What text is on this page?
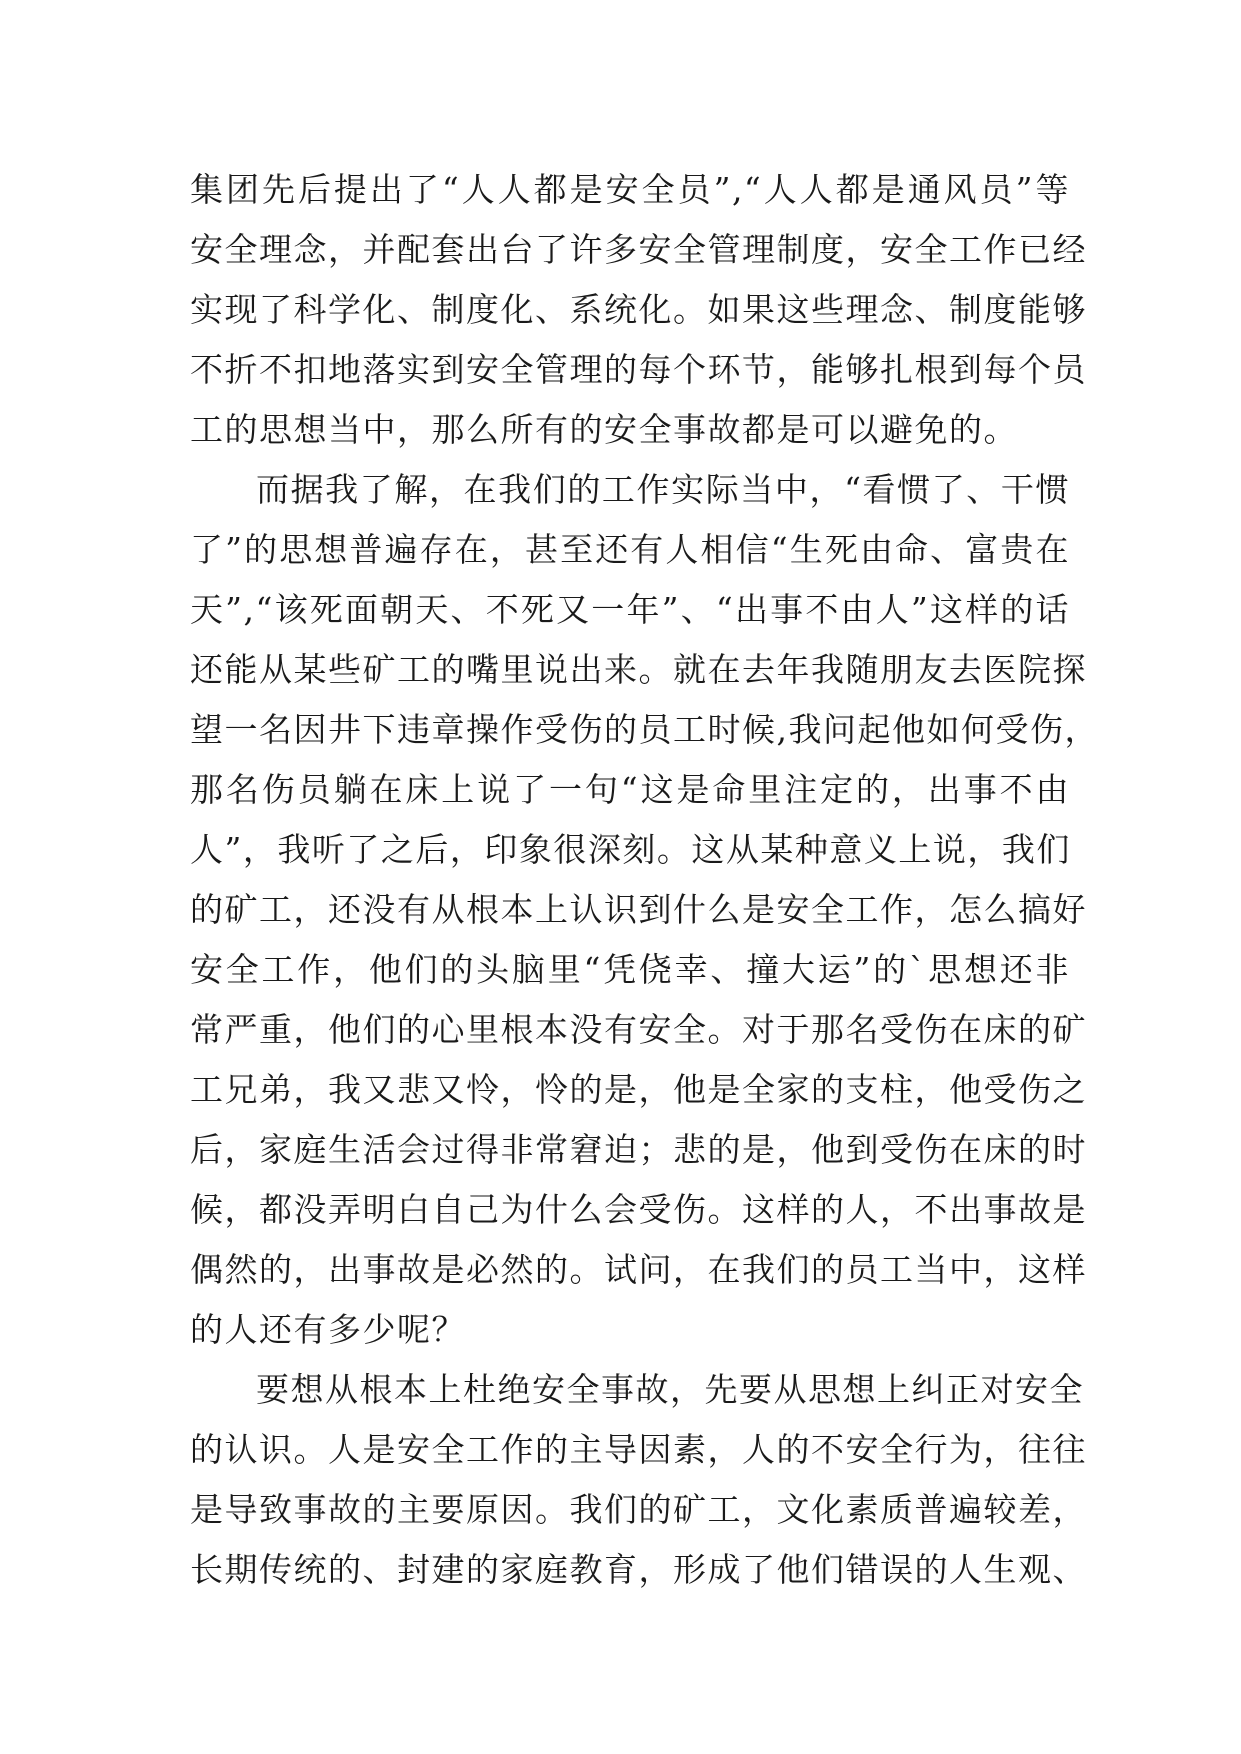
集团先后提出了“人人都是安全员”,“人人都是通风员”等
安全理念，并配套出台了许多安全管理制度，安全工作已经
实现了科学化、制度化、系统化。如果这些理念、制度能够
不折不扣地落实到安全管理的每个环节，能够扎根到每个员
工的思想当中，那么所有的安全事故都是可以避免的。
而据我了解，在我们的工作实际当中，“看惯了、干惯
了”的思想普遍存在，甚至还有人相信“生死由命、富贵在
天”,“该死面朝天、不死又一年”、“出事不由人”这样的话
还能从某些矿工的嘴里说出来。就在去年我随朋友去医院探
望一名因井下违章操作受伤的员工时候,我问起他如何受伤，
那名伤员躺在床上说了一句“这是命里注定的，出事不由
人”，我听了之后，印象很深刻。这从某种意义上说，我们
的矿工，还没有从根本上认识到什么是安全工作，怎么搞好
安全工作，他们的头脑里“凭侥幸、撞大运”的`思想还非
常严重，他们的心里根本没有安全。对于那名受伤在床的矿
工兄弟，我又悲又怜，怜的是，他是全家的支柱，他受伤之
后，家庭生活会过得非常窘迫；悲的是，他到受伤在床的时
候，都没弄明白自己为什么会受伤。这样的人，不出事故是
偶然的，出事故是必然的。试问，在我们的员工当中，这样
的人还有多少呢？
要想从根本上杜绝安全事故，先要从思想上纠正对安全
的认识。人是安全工作的主导因素，人的不安全行为，往往
是导致事故的主要原因。我们的矿工，文化素质普遍较差，
长期传统的、封建的家庭教育，形成了他们错误的人生观、
